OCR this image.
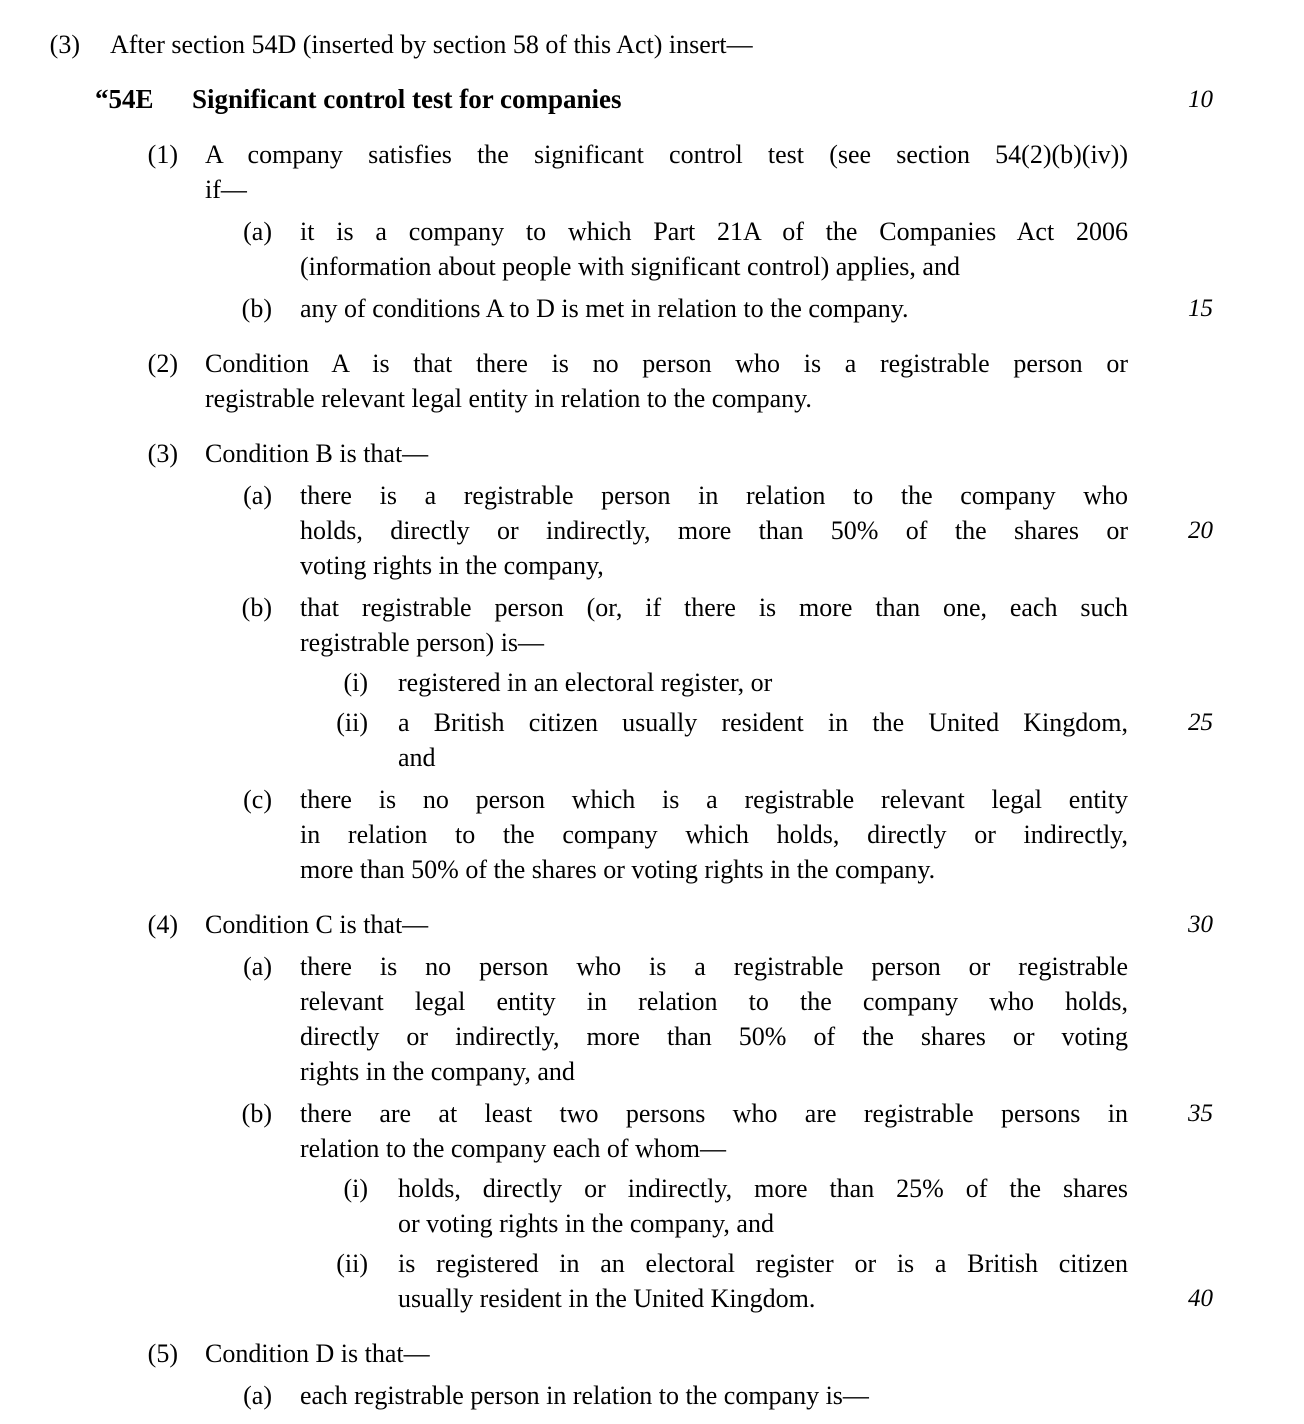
(3)	After section 54D (inserted by section 58 of this Act) insert—
“54E	Significant control test for companies
(1)	A company satisfies the significant control test (see section 54(2)(b)(iv))
if—
(a)	it is a company to which Part 21A of the Companies Act 2006
(information about people with significant control) applies, and
(b)	any of conditions A to D is met in relation to the company.
(2)	Condition A is that there is no person who is a registrable person or
registrable relevant legal entity in relation to the company.
(3)	Condition B is that—
(a)	there is a registrable person in relation to the company who
holds, directly or indirectly, more than 50% of the shares or
voting rights in the company,
(b)	that registrable person (or, if there is more than one, each such
registrable person) is—
(i)	registered in an electoral register, or
(ii)	a British citizen usually resident in the United Kingdom,
and
(c)	there is no person which is a registrable relevant legal entity
in relation to the company which holds, directly or indirectly,
more than 50% of the shares or voting rights in the company.
(4)	Condition C is that—
(a)	there is no person who is a registrable person or registrable
relevant legal entity in relation to the company who holds,
directly or indirectly, more than 50% of the shares or voting
rights in the company, and
(b)	there are at least two persons who are registrable persons in
relation to the company each of whom—
(i)	holds, directly or indirectly, more than 25% of the shares
or voting rights in the company, and
(ii)	is registered in an electoral register or is a British citizen
usually resident in the United Kingdom.
(5)	Condition D is that—
(a)	each registrable person in relation to the company is—
10
15
20
25
30
35
40
